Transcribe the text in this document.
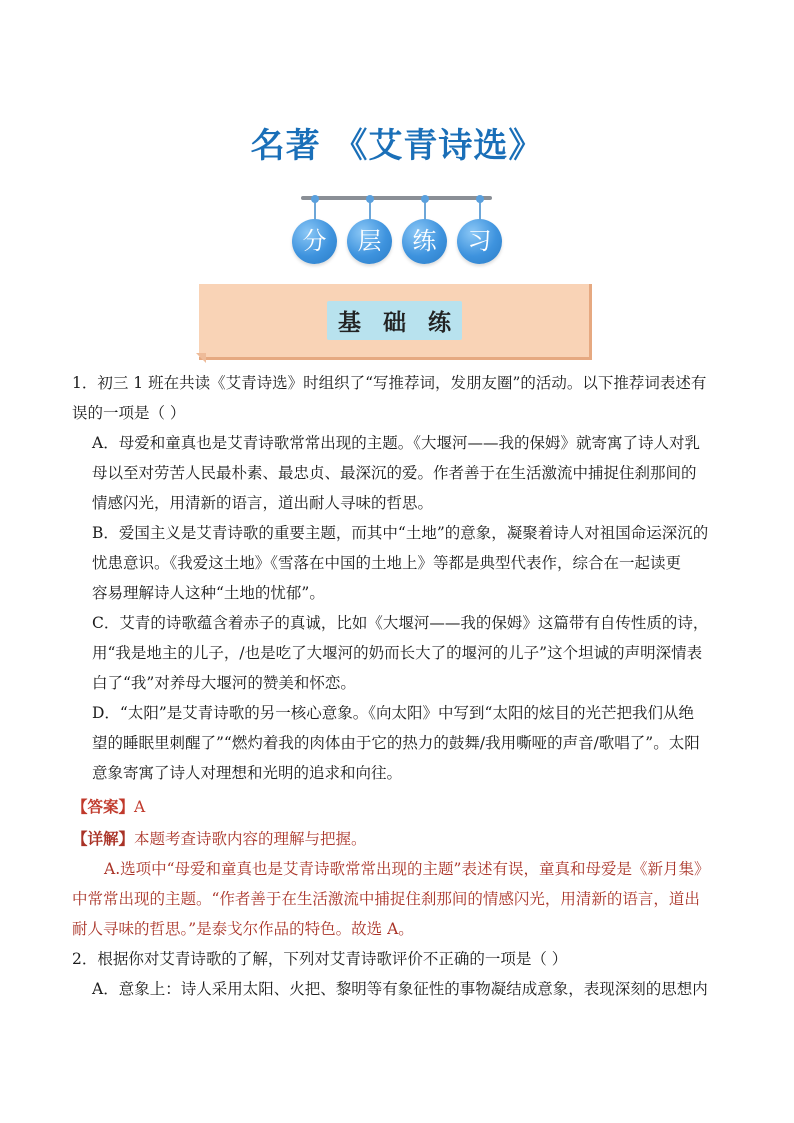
名著 《艾青诗选》
分	层	练	习
基 础 练

1．初三 1 班在共读《艾青诗选》时组织了“写推荐词，发朋友圈”的活动。以下推荐词表述有
误的一项是（ ）

A．母爱和童真也是艾青诗歌常常出现的主题。《大堰河——我的保姆》就寄寓了诗人对乳
母以至对劳苦人民最朴素、最忠贞、最深沉的爱。作者善于在生活激流中捕捉住刹那间的
情感闪光，用清新的语言，道出耐人寻味的哲思。

B．爱国主义是艾青诗歌的重要主题，而其中“土地”的意象，凝聚着诗人对祖国命运深沉的
忧患意识。《我爱这土地》《雪落在中国的土地上》等都是典型代表作，综合在一起读更
容易理解诗人这种“土地的忧郁”。

C．艾青的诗歌蕴含着赤子的真诚，比如《大堰河——我的保姆》这篇带有自传性质的诗，
用“我是地主的儿子，/也是吃了大堰河的奶而长大了的堰河的儿子”这个坦诚的声明深情表
白了“我”对养母大堰河的赞美和怀恋。

D．“太阳”是艾青诗歌的另一核心意象。《向太阳》中写到“太阳的炫目的光芒把我们从绝
望的睡眠里刺醒了”“燃灼着我的肉体由于它的热力的鼓舞/我用嘶哑的声音/歌唱了”。太阳
意象寄寓了诗人对理想和光明的追求和向往。

【答案】A

【详解】本题考查诗歌内容的理解与把握。
A.选项中“母爱和童真也是艾青诗歌常常出现的主题”表述有误，童真和母爱是《新月集》
中常常出现的主题。“作者善于在生活激流中捕捉住刹那间的情感闪光，用清新的语言，道出
耐人寻味的哲思。”是泰戈尔作品的特色。故选 A。

2．根据你对艾青诗歌的了解，下列对艾青诗歌评价不正确的一项是（ ）

A．意象上：诗人采用太阳、火把、黎明等有象征性的事物凝结成意象，表现深刻的思想内
